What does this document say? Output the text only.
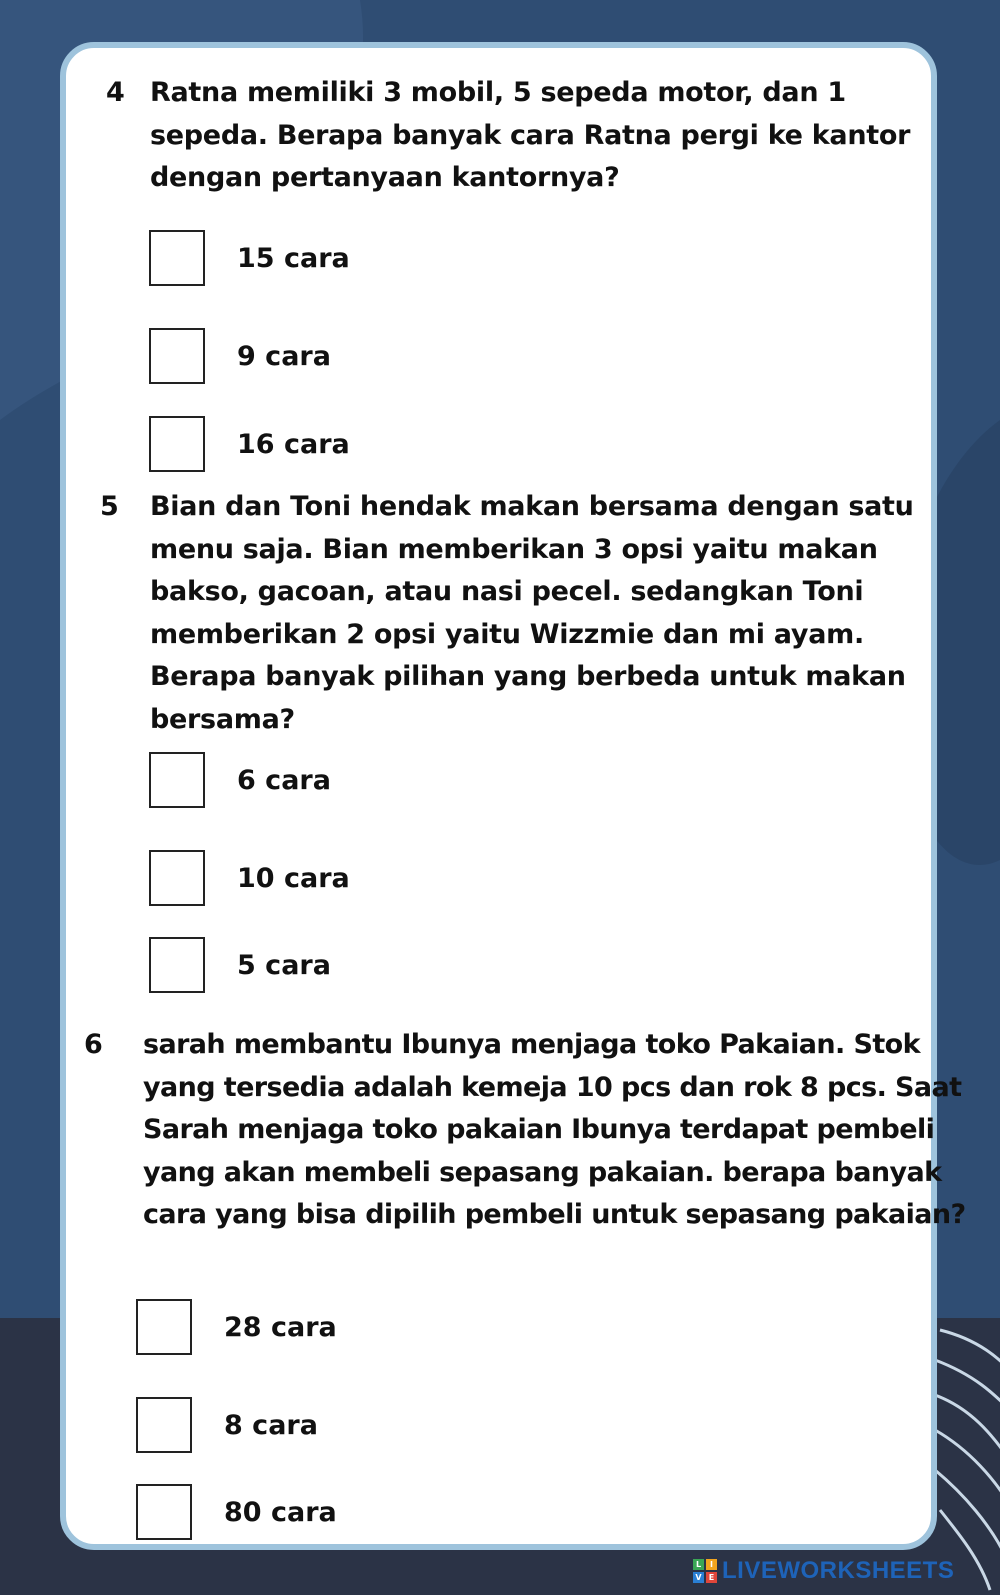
4 Ratna memiliki 3 mobil, 5 sepeda motor, dan 1
sepeda. Berapa banyak cara Ratna pergi ke kantor
dengan pertanyaan kantornya?
15 cara
9 cara
16 cara
5 Bian dan Toni hendak makan bersama dengan satu
menu saja. Bian memberikan 3 opsi yaitu makan
bakso, gacoan, atau nasi pecel. sedangkan Toni
memberikan 2 opsi yaitu Wizzmie dan mi ayam.
Berapa banyak pilihan yang berbeda untuk makan
bersama?
6 cara
10 cara
5 cara
6 sarah membantu Ibunya menjaga toko Pakaian. Stok
yang tersedia adalah kemeja 10 pcs dan rok 8 pcs. Saat
Sarah menjaga toko pakaian Ibunya terdapat pembeli
yang akan membeli sepasang pakaian. berapa banyak
cara yang bisa dipilih pembeli untuk sepasang pakaian?
28 cara
8 cara
80 cara
L	I
V E LIVEWORKSHEETS
